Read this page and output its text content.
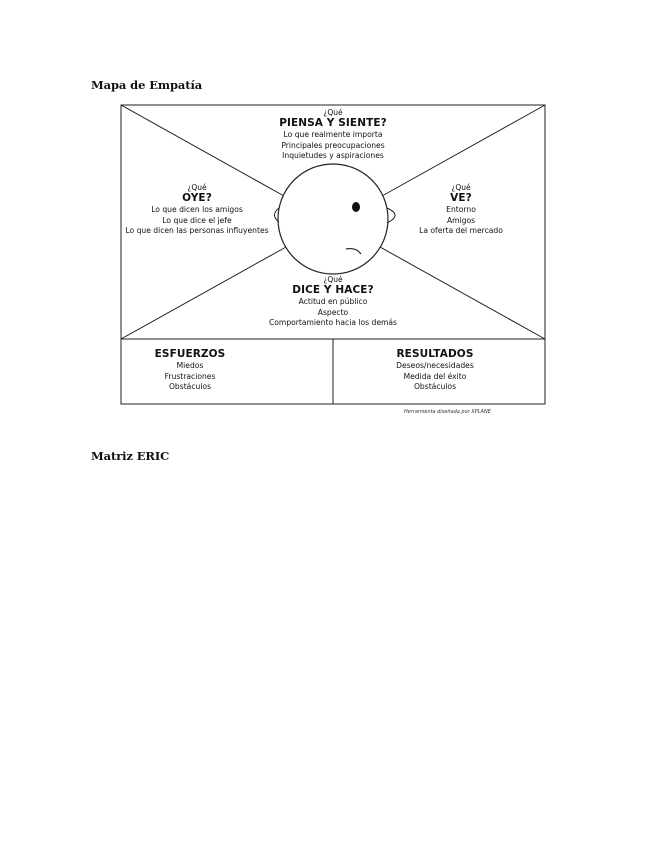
Mapa de Empatía
¿Qué
PIENSA Y SIENTE?
Lo que realmente importa
Principales preocupaciones
Inquietudes y aspiraciones
¿Qué
OYE?
Lo que dicen los amigos
Lo que dice el jefe
Lo que dicen las personas influyentes
¿Qué
VE?
Entorno
Amigos
La oferta del mercado
¿Qué
DICE Y HACE?
Actitud en público
Aspecto
Comportamiento hacia los demás
ESFUERZOS
Miedos
Frustraciones
Obstáculos
RESULTADOS
Deseos/necesidades
Medida del éxito
Obstáculos
Herramienta diseñada por XPLANE
Matriz ERIC
